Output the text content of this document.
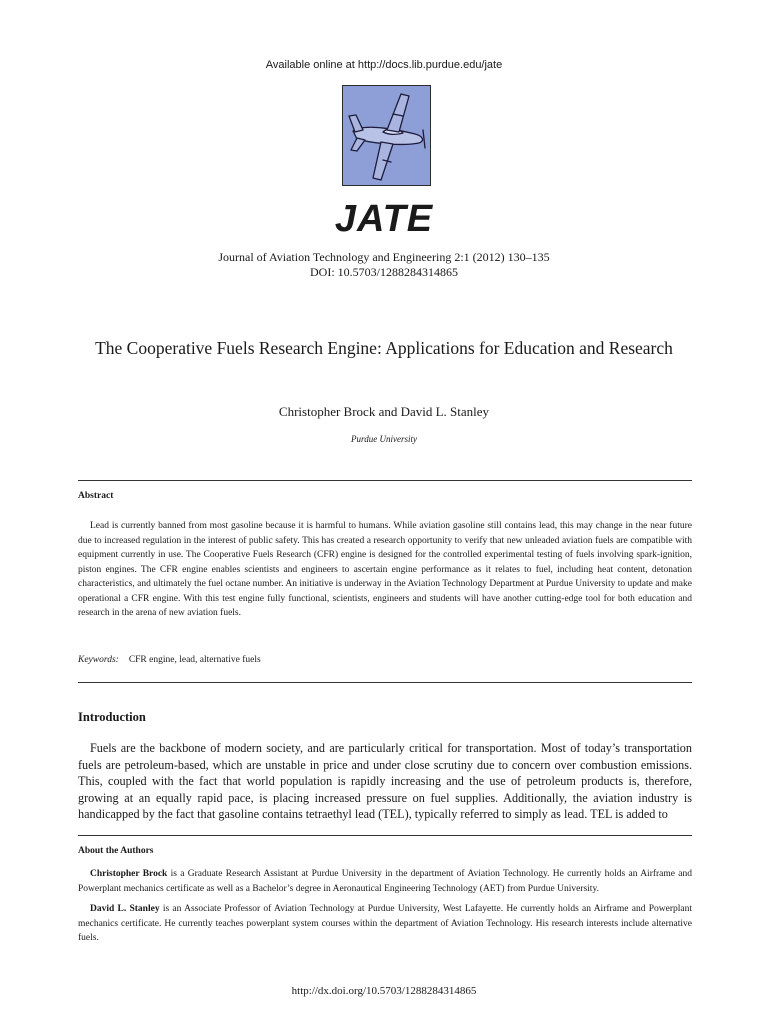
Available online at http://docs.lib.purdue.edu/jate
JATE
Journal of Aviation Technology and Engineering 2:1 (2012) 130–135
DOI: 10.5703/1288284314865
The Cooperative Fuels Research Engine: Applications for Education and Research
Christopher Brock and David L. Stanley
Purdue University
Abstract

Lead is currently banned from most gasoline because it is harmful to humans. While aviation gasoline still contains lead, this may change in the near future due to increased regulation in the interest of public safety. This has created a research opportunity to verify that new unleaded aviation fuels are compatible with equipment currently in use. The Cooperative Fuels Research (CFR) engine is designed for the controlled experimental testing of fuels involving spark-ignition, piston engines. The CFR engine enables scientists and engineers to ascertain engine performance as it relates to fuel, including heat content, detonation characteristics, and ultimately the fuel octane number. An initiative is underway in the Aviation Technology Department at Purdue University to update and make operational a CFR engine. With this test engine fully functional, scientists, engineers and students will have another cutting-edge tool for both education and research in the arena of new aviation fuels.

Keywords: CFR engine, lead, alternative fuels
Introduction

Fuels are the backbone of modern society, and are particularly critical for transportation. Most of today’s transportation fuels are petroleum-based, which are unstable in price and under close scrutiny due to concern over combustion emissions. This, coupled with the fact that world population is rapidly increasing and the use of petroleum products is, therefore, growing at an equally rapid pace, is placing increased pressure on fuel supplies. Additionally, the aviation industry is handicapped by the fact that gasoline contains tetraethyl lead (TEL), typically referred to simply as lead. TEL is added to

About the Authors

Christopher Brock is a Graduate Research Assistant at Purdue University in the department of Aviation Technology. He currently holds an Airframe and Powerplant mechanics certificate as well as a Bachelor’s degree in Aeronautical Engineering Technology (AET) from Purdue University.

David L. Stanley is an Associate Professor of Aviation Technology at Purdue University, West Lafayette. He currently holds an Airframe and Powerplant mechanics certificate. He currently teaches powerplant system courses within the department of Aviation Technology. His research interests include alternative fuels.

http://dx.doi.org/10.5703/1288284314865
